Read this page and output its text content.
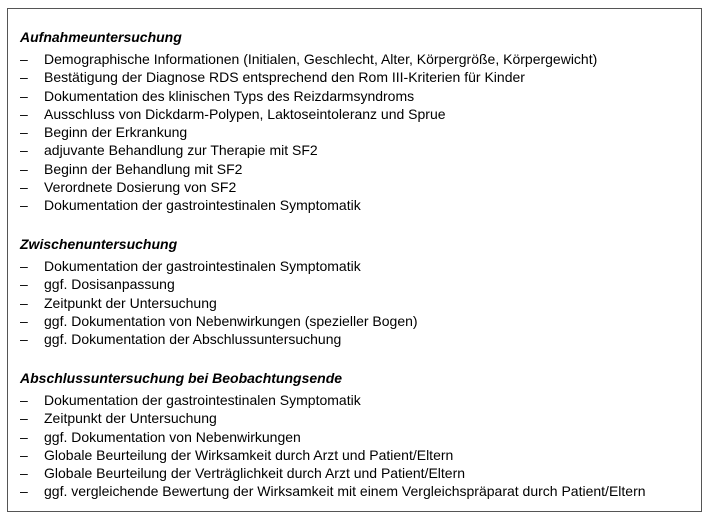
Aufnahmeuntersuchung
–	Demographische Informationen (Initialen, Geschlecht, Alter, Körpergröße, Körpergewicht)
–	Bestätigung der Diagnose RDS entsprechend den Rom III-Kriterien für Kinder
–	Dokumentation des klinischen Typs des Reizdarmsyndroms
–	Ausschluss von Dickdarm-Polypen, Laktoseintoleranz und Sprue
–	Beginn der Erkrankung
–	adjuvante Behandlung zur Therapie mit SF2
–	Beginn der Behandlung mit SF2
–	Verordnete Dosierung von SF2
–	Dokumentation der gastrointestinalen Symptomatik
Zwischenuntersuchung
–	Dokumentation der gastrointestinalen Symptomatik
–	ggf. Dosisanpassung
–	Zeitpunkt der Untersuchung
–	ggf. Dokumentation von Nebenwirkungen (spezieller Bogen)
–	ggf. Dokumentation der Abschlussuntersuchung
Abschlussuntersuchung bei Beobachtungsende
–	Dokumentation der gastrointestinalen Symptomatik
–	Zeitpunkt der Untersuchung
–	ggf. Dokumentation von Nebenwirkungen
–	Globale Beurteilung der Wirksamkeit durch Arzt und Patient/Eltern
–	Globale Beurteilung der Verträglichkeit durch Arzt und Patient/Eltern
–	ggf. vergleichende Bewertung der Wirksamkeit mit einem Vergleichspräparat durch Patient/Eltern
